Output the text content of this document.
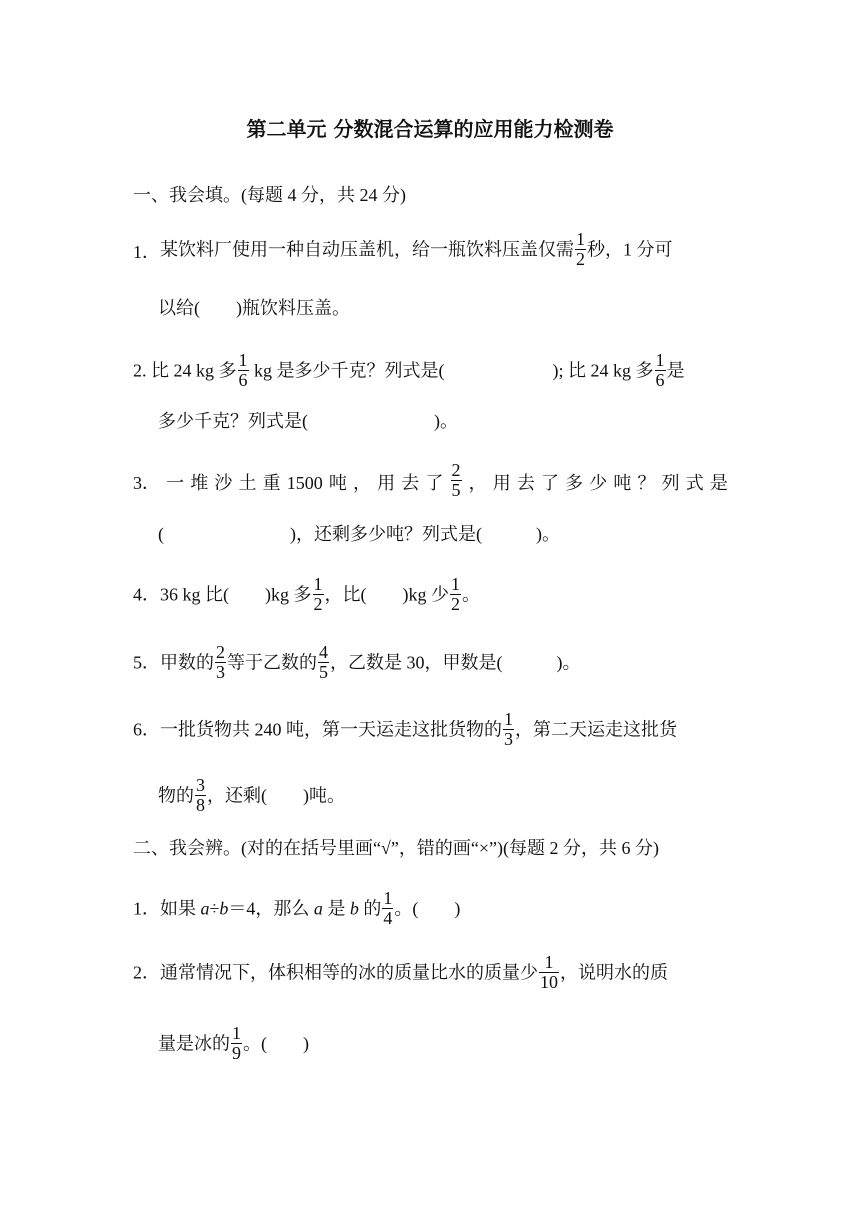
第二单元 分数混合运算的应用能力检测卷
一、我会填。(每题 4 分，共 24 分)
1． 某饮料厂使用一种自动压盖机，给一瓶饮料压盖仅需 $\frac{1}{2}$ 秒，1 分可
以给(　　)瓶饮料压盖。
2. 比 24 kg 多 $\frac{1}{6}$ kg 是多少千克？列式是(　　　　　　); 比 24 kg 多 $\frac{1}{6}$ 是
多少千克？列式是(　　　　　　　)。
3． 一 堆 沙 土 重 1500 吨 ， 用 去 了 $\frac{2}{5}$ ， 用 去 了 多 少 吨 ？ 列 式 是
(　　　　　　　)，还剩多少吨？列式是(　　　)。
4．36 kg 比(　　)kg 多 $\frac{1}{2}$ ，比(　　)kg 少 $\frac{1}{2}$ 。
5．甲数的 $\frac{2}{3}$ 等于乙数的 $\frac{4}{5}$ ，乙数是 30，甲数是(　　　)。
6．一批货物共 240 吨，第一天运走这批货物的 $\frac{1}{3}$ ，第二天运走这批货
物的 $\frac{3}{8}$ ，还剩(　　)吨。
二、我会辨。(对的在括号里画“√”，错的画“×”)(每题 2 分，共 6 分)
1．如果 a÷b＝4，那么 a 是 b 的 $\frac{1}{4}$ 。(　　)
2．通常情况下，体积相等的冰的质量比水的质量少 $\frac{1}{10}$ ，说明水的质
量是冰的 $\frac{1}{9}$ 。(　　)
